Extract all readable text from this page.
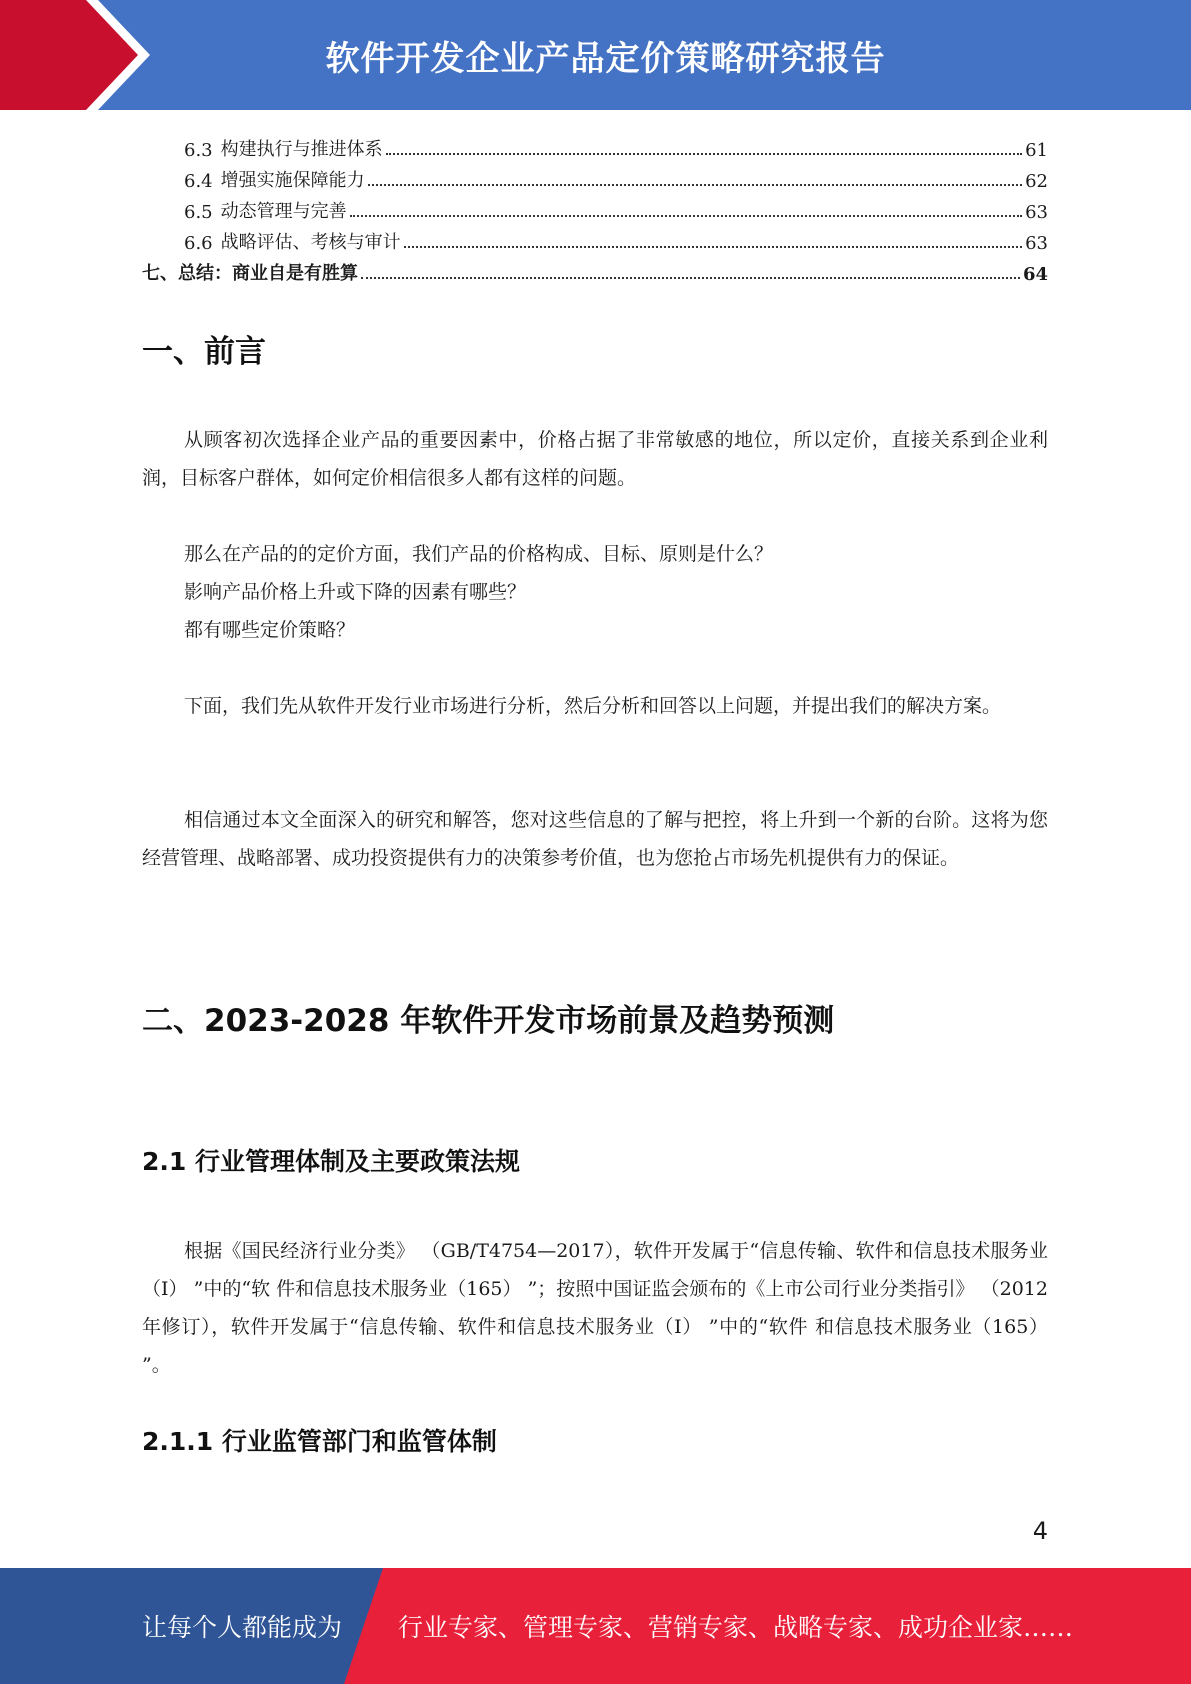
软件开发企业产品定价策略研究报告
6.3 构建执行与推进体系	61
6.4 增强实施保障能力	62
6.5 动态管理与完善	63
6.6 战略评估、考核与审计	63
七、总结：商业自是有胜算	64
一、前言
从顾客初次选择企业产品的重要因素中，价格占据了非常敏感的地位，所以定价，直接关系到企业利润，目标客户群体，如何定价相信很多人都有这样的问题。
那么在产品的的定价方面，我们产品的价格构成、目标、原则是什么？
影响产品价格上升或下降的因素有哪些？
都有哪些定价策略？
下面，我们先从软件开发行业市场进行分析，然后分析和回答以上问题，并提出我们的解决方案。
相信通过本文全面深入的研究和解答，您对这些信息的了解与把控，将上升到一个新的台阶。这将为您经营管理、战略部署、成功投资提供有力的决策参考价值，也为您抢占市场先机提供有力的保证。
二、2023-2028 年软件开发市场前景及趋势预测
2.1 行业管理体制及主要政策法规
根据《国民经济行业分类》 （GB/T4754—2017），软件开发属于“信息传输、软件和信息技术服务业（I） ”中的“软 件和信息技术服务业（165） ”；按照中国证监会颁布的《上市公司行业分类指引》 （2012 年修订），软件开发属于“信息传输、软件和信息技术服务业（I） ”中的“软件 和信息技术服务业（165） ”。
2.1.1 行业监管部门和监管体制
4
让每个人都能成为 行业专家、管理专家、营销专家、战略专家、成功企业家……
